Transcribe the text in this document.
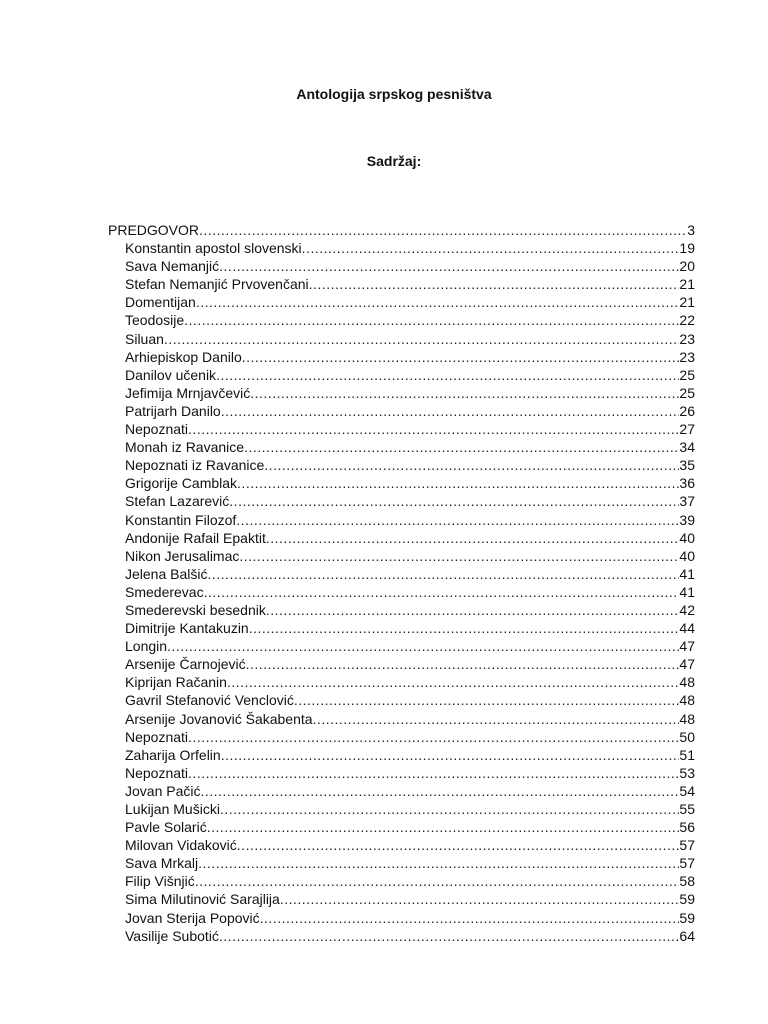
Antologija srpskog pesništva
Sadržaj:
PREDGOVOR .....	3
Konstantin apostol slovenski .....	19
Sava Nemanjić .....	20
Stefan Nemanjić Prvovenčani .....	21
Domentijan .....	21
Teodosije .....	22
Siluan .....	23
Arhiepiskop Danilo .....	23
Danilov učenik .....	25
Jefimija Mrnjavčević .....	25
Patrijarh Danilo .....	26
Nepoznati .....	27
Monah iz Ravanice .....	34
Nepoznati iz Ravanice .....	35
Grigorije Camblak .....	36
Stefan Lazarević .....	37
Konstantin Filozof .....	39
Andonije Rafail Epaktit .....	40
Nikon Jerusalimac .....	40
Jelena Balšić .....	41
Smederevac .....	41
Smederevski besednik .....	42
Dimitrije Kantakuzin .....	44
Longin .....	47
Arsenije Čarnojević .....	47
Kiprijan Račanin .....	48
Gavril Stefanović Venclović .....	48
Arsenije Jovanović Šakabenta .....	48
Nepoznati .....	50
Zaharija Orfelin .....	51
Nepoznati .....	53
Jovan Pačić .....	54
Lukijan Mušicki .....	55
Pavle Solarić .....	56
Milovan Vidaković .....	57
Sava Mrkalj .....	57
Filip Višnjić .....	58
Sima Milutinović Sarajlija .....	59
Jovan Sterija Popović .....	59
Vasilije Subotić .....	64
